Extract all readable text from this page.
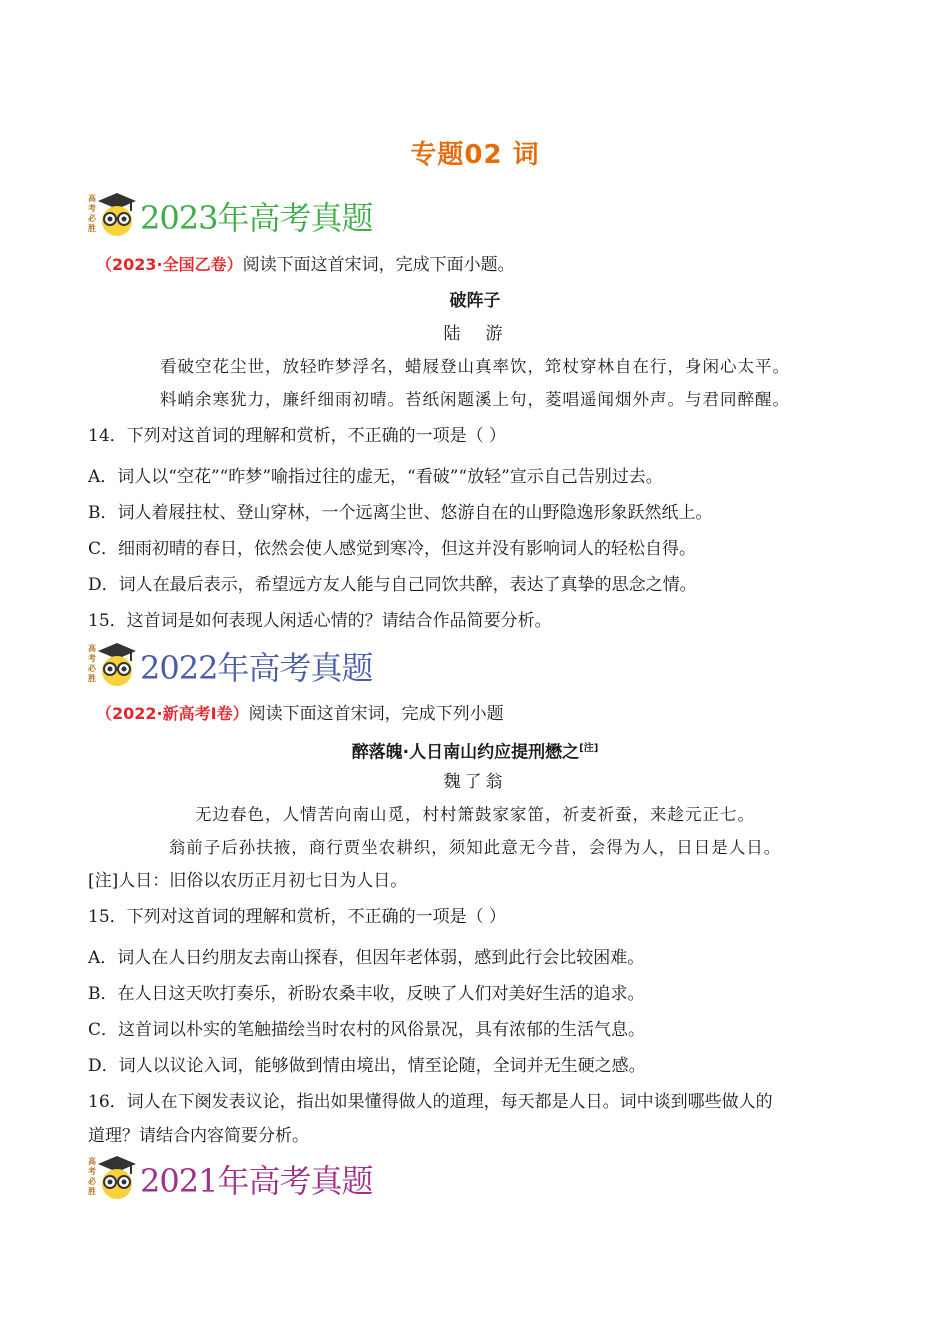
专题02 词
高
考
必
胜 2023年高考真题
（2023·全国乙卷）阅读下面这首宋词，完成下面小题。
破阵子
陆　游
看破空花尘世，放轻昨梦浮名，蜡屐登山真率饮，筇杖穿林自在行，身闲心太平。
料峭余寒犹力，廉纤细雨初晴。苔纸闲题溪上句，菱唱遥闻烟外声。与君同醉醒。
14．下列对这首词的理解和赏析，不正确的一项是（ ）
A．词人以“空花”“昨梦”喻指过往的虚无，“看破”“放轻”宣示自己告别过去。
B．词人着屐拄杖、登山穿林，一个远离尘世、悠游自在的山野隐逸形象跃然纸上。
C．细雨初晴的春日，依然会使人感觉到寒冷，但这并没有影响词人的轻松自得。
D．词人在最后表示，希望远方友人能与自己同饮共醉，表达了真挚的思念之情。
15．这首词是如何表现人闲适心情的？请结合作品简要分析。
高
考
必
胜 2022年高考真题
（2022·新高考Ⅰ卷）阅读下面这首宋词，完成下列小题
醉落魄·人日南山约应提刑懋之[注]
魏了翁
无边春色，人情苦向南山觅，村村箫鼓家家笛，祈麦祈蚕，来趁元正七。
翁前子后孙扶掖，商行贾坐农耕织，须知此意无今昔，会得为人，日日是人日。
[注]人日：旧俗以农历正月初七日为人日。
15．下列对这首词的理解和赏析，不正确的一项是（ ）
A．词人在人日约朋友去南山探春，但因年老体弱，感到此行会比较困难。
B．在人日这天吹打奏乐，祈盼农桑丰收，反映了人们对美好生活的追求。
C．这首词以朴实的笔触描绘当时农村的风俗景况，具有浓郁的生活气息。
D．词人以议论入词，能够做到情由境出，情至论随，全词并无生硬之感。
16．词人在下阕发表议论，指出如果懂得做人的道理，每天都是人日。词中谈到哪些做人的
道理？请结合内容简要分析。
高
考
必
胜 2021年高考真题
